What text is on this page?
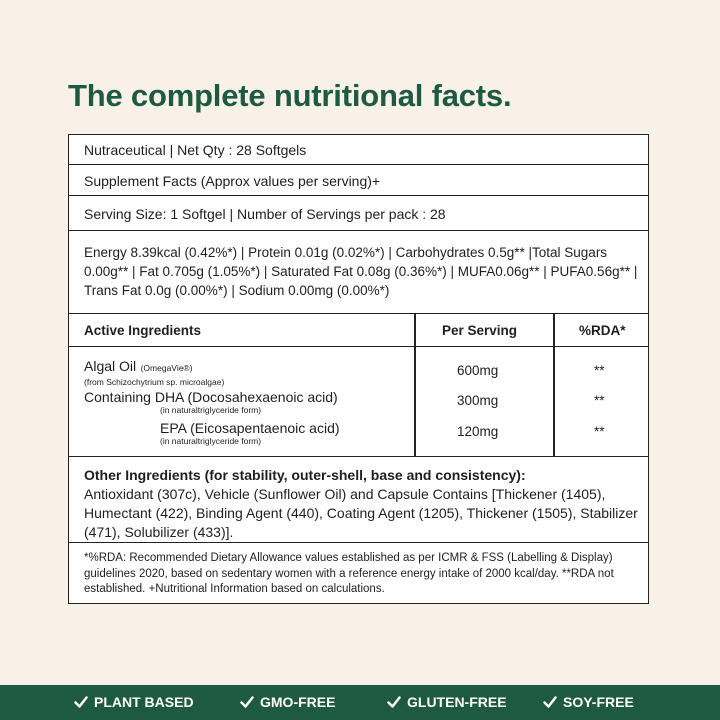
The complete nutritional facts.
Nutraceutical | Net Qty : 28 Softgels
Supplement Facts (Approx values per serving)+
Serving Size: 1 Softgel | Number of Servings per pack : 28
Energy 8.39kcal (0.42%*) | Protein 0.01g (0.02%*) | Carbohydrates 0.5g** |Total Sugars 0.00g** | Fat 0.705g (1.05%*) | Saturated Fat 0.08g (0.36%*) | MUFA0.06g** | PUFA0.56g** | Trans Fat 0.0g (0.00%*) | Sodium 0.00mg (0.00%*)
Active Ingredients	Per Serving	%RDA*
Algal Oil (OmegaVie®)
(from Schizochytrium sp. microalgae)
600mg	**
Containing DHA (Docosahexaenoic acid)
(in naturaltriglyceride form)
300mg	**
EPA (Eicosapentaenoic acid)
(in naturaltriglyceride form)
120mg	**
Other Ingredients (for stability, outer-shell, base and consistency):
Antioxidant (307c), Vehicle (Sunflower Oil) and Capsule Contains [Thickener (1405), Humectant (422), Binding Agent (440), Coating Agent (1205), Thickener (1505), Stabilizer (471), Solubilizer (433)].
*%RDA: Recommended Dietary Allowance values established as per ICMR & FSS (Labelling & Display) guidelines 2020, based on sedentary women with a reference energy intake of 2000 kcal/day. **RDA not established. +Nutritional Information based on calculations.
PLANT BASED	GMO-FREE	GLUTEN-FREE	SOY-FREE
